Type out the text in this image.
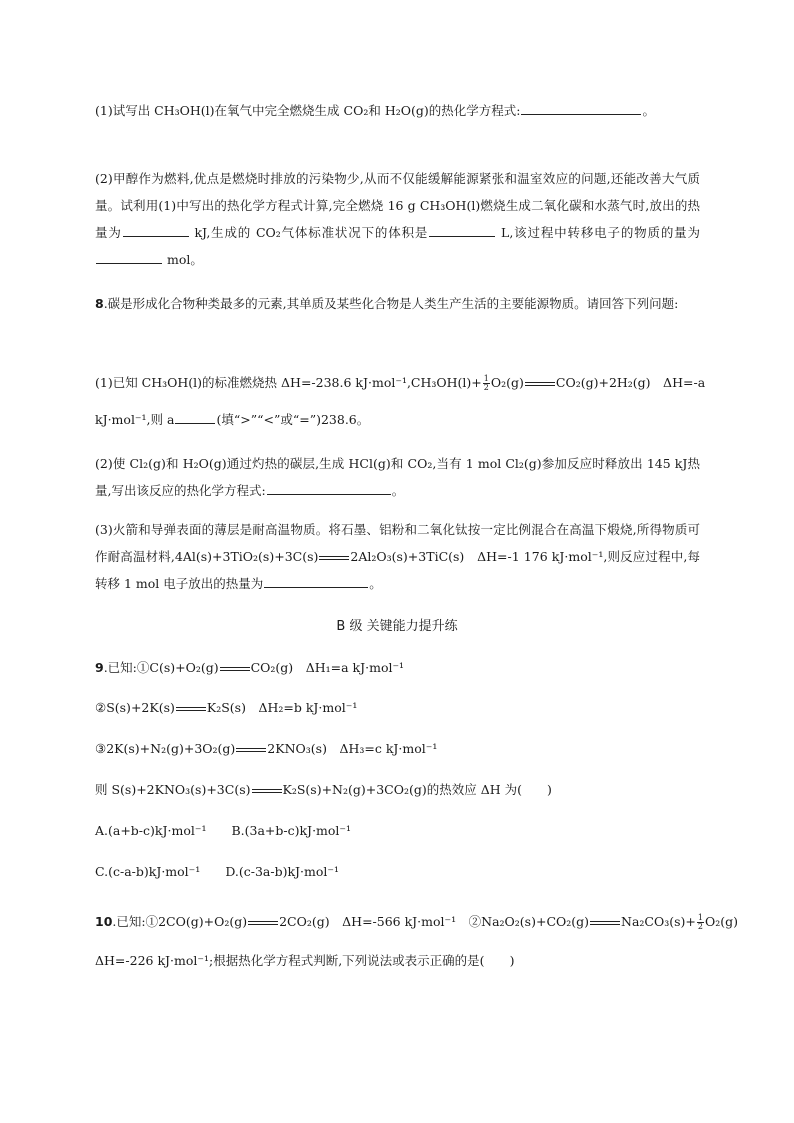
(1)试写出 CH₃OH(l)在氧气中完全燃烧生成 CO₂和 H₂O(g)的热化学方程式:	。
(2)甲醇作为燃料,优点是燃烧时排放的污染物少,从而不仅能缓解能源紧张和温室效应的问题,还能改善大气质量。试利用(1)中写出的热化学方程式计算,完全燃烧 16 g CH₃OH(l)燃烧生成二氧化碳和水蒸气时,放出的热量为	kJ,生成的 CO₂气体标准状况下的体积是	L,该过程中转移电子的物质的量为 mol。
8.碳是形成化合物种类最多的元素,其单质及某些化合物是人类生产生活的主要能源物质。请回答下列问题:
(1)已知 CH₃OH(l)的标准燃烧热 ΔH=-238.6 $kJ\cdot mol^{-1},CH_3OH(l)+ \frac{1}{2} O_2(g)$	CO₂(g)+2H₂(g)　ΔH=-a
kJ·mol⁻¹,则 a	(填“>”“<”或“=”)238.6。
(2)使 Cl₂(g)和 H₂O(g)通过灼热的碳层,生成 HCl(g)和 CO₂,当有 1 mol Cl₂(g)参加反应时释放出 145 kJ热量,写出该反应的热化学方程式:	。
(3)火箭和导弹表面的薄层是耐高温物质。将石墨、铝粉和二氧化钛按一定比例混合在高温下煅烧,所得物质可作耐高温材料,4Al(s)+3TiO₂(s)+3C(s)	2Al₂O₃(s)+3TiC(s)　ΔH=-1 176 kJ·mol⁻¹,则反应过程中,每转移 1 mol 电子放出的热量为	。
B 级 关键能力提升练
9.已知:①C(s)+O₂(g)	CO₂(g)　ΔH₁=a kJ·mol⁻¹
②S(s)+2K(s)	K₂S(s)　ΔH₂=b kJ·mol⁻¹
③2K(s)+N₂(g)+3O₂(g)	2KNO₃(s)　ΔH₃=c kJ·mol⁻¹
则 S(s)+2KNO₃(s)+3C(s)	K₂S(s)+N₂(g)+3CO₂(g)的热效应 ΔH 为(　　)
A.(a+b-c)kJ·mol⁻¹　　 B.(3a+b-c)kJ·mol⁻¹
C.(c-a-b)kJ·mol⁻¹　　 D.(c-3a-b)kJ·mol⁻¹
10.已知:①2CO(g)+O₂(g)	2CO₂(g)　ΔH=-566 kJ·mol⁻¹　②Na₂O₂(s)+CO₂(g)	$Na_2CO_3(s)+ \frac{1}{2} O_2(g)$
ΔH=-226 kJ·mol⁻¹;根据热化学方程式判断,下列说法或表示正确的是(　　)
